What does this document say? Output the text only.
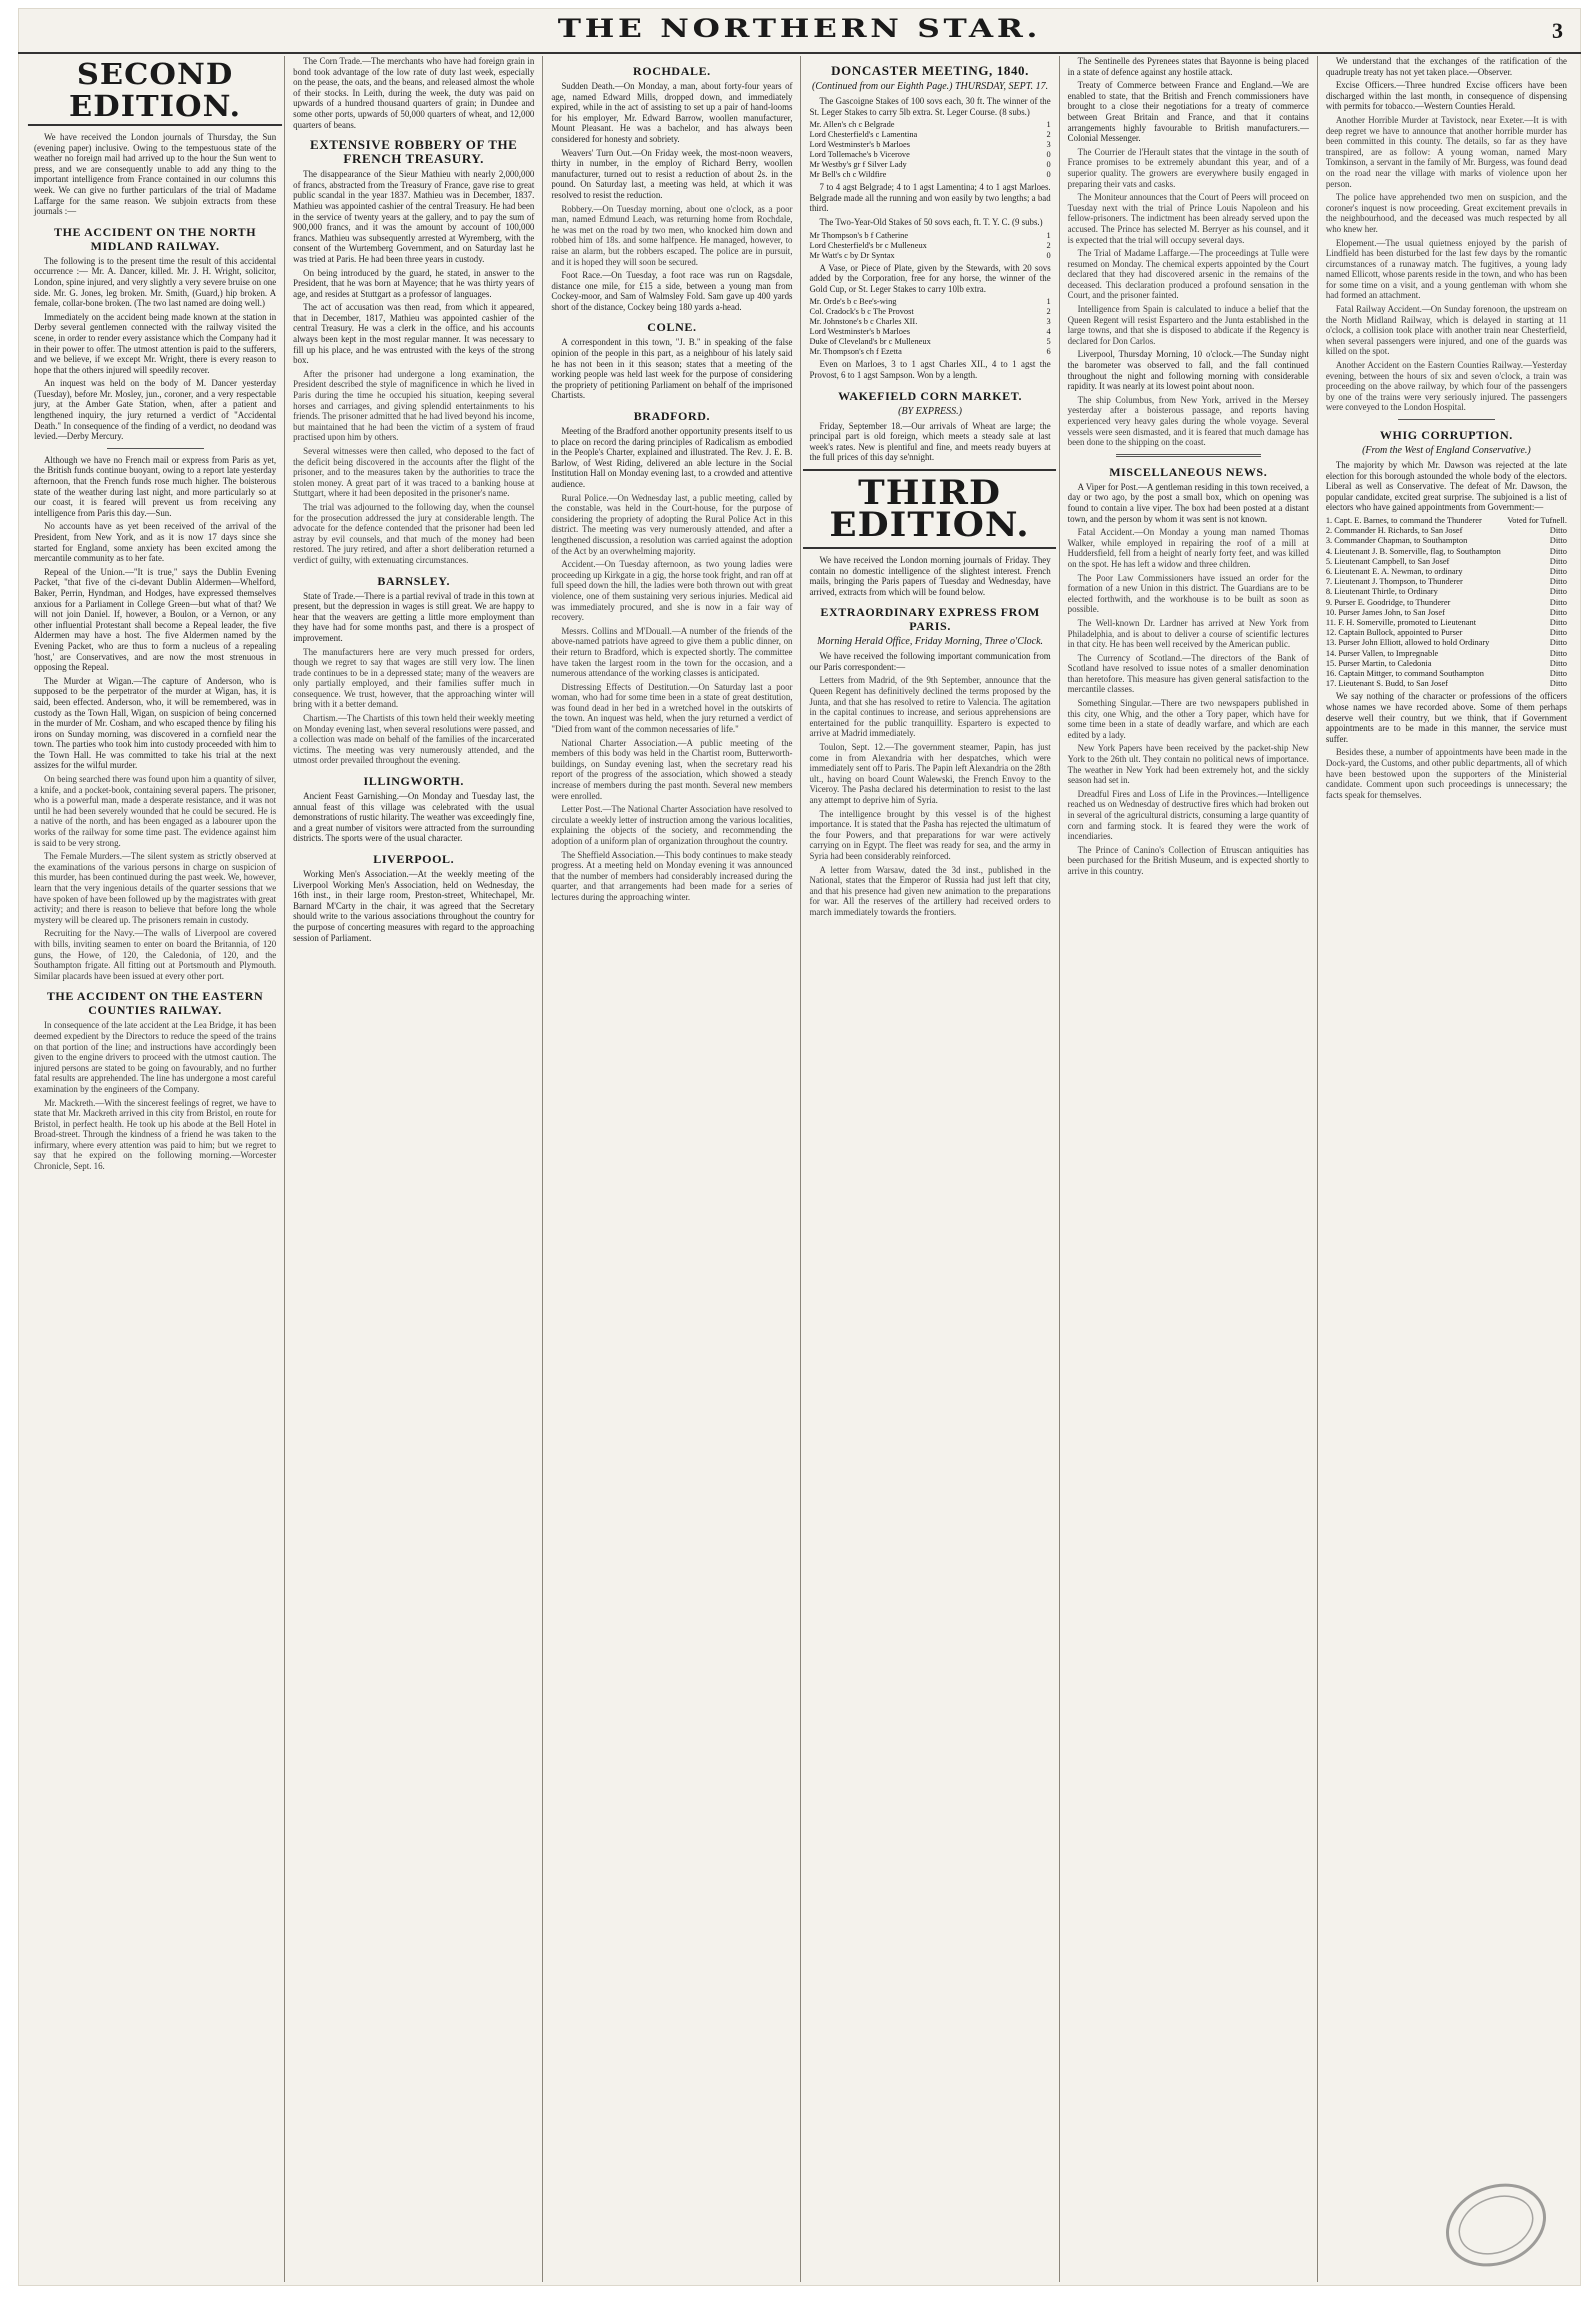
THE NORTHERN STAR.	3
SECOND EDITION.

We have received the London journals of Thursday, the Sun (evening paper) inclusive. Owing to the tempestuous state of the weather no foreign mail had arrived up to the hour the Sun went to press, and we are consequently unable to add any thing to the important intelligence from France contained in our columns this week. We can give no further particulars of the trial of Madame Laffarge for the same reason. We subjoin extracts from these journals :—

THE ACCIDENT ON THE NORTH MIDLAND RAILWAY.

The following is to the present time the result of this accidental occurrence :— Mr. A. Dancer, killed. Mr. J. H. Wright, solicitor, London, spine injured, and very slightly a very severe bruise on one side. Mr. G. Jones, leg broken. Mr. Smith, (Guard,) hip broken. A female, collar-bone broken. (The two last named are doing well.)

Immediately on the accident being made known at the station in Derby several gentlemen connected with the railway visited the scene, in order to render every assistance which the Company had it in their power to offer. The utmost attention is paid to the sufferers, and we believe, if we except Mr. Wright, there is every reason to hope that the others injured will speedily recover.

An inquest was held on the body of M. Dancer yesterday (Tuesday), before Mr. Mosley, jun., coroner, and a very respectable jury, at the Amber Gate Station, when, after a patient and lengthened inquiry, the jury returned a verdict of "Accidental Death." In consequence of the finding of a verdict, no deodand was levied.—Derby Mercury.

Although we have no French mail or express from Paris as yet, the British funds continue buoyant, owing to a report late yesterday afternoon, that the French funds rose much higher. The boisterous state of the weather during last night, and more particularly so at our coast, it is feared will prevent us from receiving any intelligence from Paris this day.—Sun.

No accounts have as yet been received of the arrival of the President, from New York, and as it is now 17 days since she started for England, some anxiety has been excited among the mercantile community as to her fate.

Repeal of the Union.—"It is true," says the Dublin Evening Packet, "that five of the ci-devant Dublin Aldermen—Whelford, Baker, Perrin, Hyndman, and Hodges, have expressed themselves anxious for a Parliament in College Green—but what of that? We will not join Daniel. If, however, a Boulon, or a Vernon, or any other influential Protestant shall become a Repeal leader, the five Aldermen may have a host. The five Aldermen named by the Evening Packet, who are thus to form a nucleus of a repealing 'host,' are Conservatives, and are now the most strenuous in opposing the Repeal.

The Murder at Wigan.—The capture of Anderson, who is supposed to be the perpetrator of the murder at Wigan, has, it is said, been effected. Anderson, who, it will be remembered, was in custody as the Town Hall, Wigan, on suspicion of being concerned in the murder of Mr. Cosham, and who escaped thence by filing his irons on Sunday morning, was discovered in a cornfield near the town. The parties who took him into custody proceeded with him to the Town Hall. He was committed to take his trial at the next assizes for the wilful murder.

On being searched there was found upon him a quantity of silver, a knife, and a pocket-book, containing several papers. The prisoner, who is a powerful man, made a desperate resistance, and it was not until he had been severely wounded that he could be secured. He is a native of the north, and has been engaged as a labourer upon the works of the railway for some time past. The evidence against him is said to be very strong.

The Female Murders.—The silent system as strictly observed at the examinations of the various persons in charge on suspicion of this murder, has been continued during the past week. We, however, learn that the very ingenious details of the quarter sessions that we have spoken of have been followed up by the magistrates with great activity; and there is reason to believe that before long the whole mystery will be cleared up. The prisoners remain in custody.

Recruiting for the Navy.—The walls of Liverpool are covered with bills, inviting seamen to enter on board the Britannia, of 120 guns, the Howe, of 120, the Caledonia, of 120, and the Southampton frigate. All fitting out at Portsmouth and Plymouth. Similar placards have been issued at every other port.

THE ACCIDENT ON THE EASTERN COUNTIES RAILWAY.

In consequence of the late accident at the Lea Bridge, it has been deemed expedient by the Directors to reduce the speed of the trains on that portion of the line; and instructions have accordingly been given to the engine drivers to proceed with the utmost caution. The injured persons are stated to be going on favourably, and no further fatal results are apprehended. The line has undergone a most careful examination by the engineers of the Company.

Mr. Mackreth.—With the sincerest feelings of regret, we have to state that Mr. Mackreth arrived in this city from Bristol, en route for Bristol, in perfect health. He took up his abode at the Bell Hotel in Broad-street. Through the kindness of a friend he was taken to the infirmary, where every attention was paid to him; but we regret to say that he expired on the following morning.—Worcester Chronicle, Sept. 16.

The Corn Trade.—The merchants who have had foreign grain in bond took advantage of the low rate of duty last week, especially on the pease, the oats, and the beans, and released almost the whole of their stocks. In Leith, during the week, the duty was paid on upwards of a hundred thousand quarters of grain; in Dundee and some other ports, upwards of 50,000 quarters of wheat, and 12,000 quarters of beans.

EXTENSIVE ROBBERY OF THE FRENCH TREASURY.

The disappearance of the Sieur Mathieu with nearly 2,000,000 of francs, abstracted from the Treasury of France, gave rise to great public scandal in the year 1837. Mathieu was in December, 1837. Mathieu was appointed cashier of the central Treasury. He had been in the service of twenty years at the gallery, and to pay the sum of 900,000 francs, and it was the amount by account of 100,000 francs. Mathieu was subsequently arrested at Wyremberg, with the consent of the Wurtemberg Government, and on Saturday last he was tried at Paris. He had been three years in custody.

On being introduced by the guard, he stated, in answer to the President, that he was born at Mayence; that he was thirty years of age, and resides at Stuttgart as a professor of languages.

The act of accusation was then read, from which it appeared, that in December, 1817, Mathieu was appointed cashier of the central Treasury. He was a clerk in the office, and his accounts always been kept in the most regular manner. It was necessary to fill up his place, and he was entrusted with the keys of the strong box.

After the prisoner had undergone a long examination, the President described the style of magnificence in which he lived in Paris during the time he occupied his situation, keeping several horses and carriages, and giving splendid entertainments to his friends. The prisoner admitted that he had lived beyond his income, but maintained that he had been the victim of a system of fraud practised upon him by others.

Several witnesses were then called, who deposed to the fact of the deficit being discovered in the accounts after the flight of the prisoner, and to the measures taken by the authorities to trace the stolen money. A great part of it was traced to a banking house at Stuttgart, where it had been deposited in the prisoner's name.

The trial was adjourned to the following day, when the counsel for the prosecution addressed the jury at considerable length. The advocate for the defence contended that the prisoner had been led astray by evil counsels, and that much of the money had been restored. The jury retired, and after a short deliberation returned a verdict of guilty, with extenuating circumstances.

BARNSLEY.

State of Trade.—There is a partial revival of trade in this town at present, but the depression in wages is still great. We are happy to hear that the weavers are getting a little more employment than they have had for some months past, and there is a prospect of improvement.

The manufacturers here are very much pressed for orders, though we regret to say that wages are still very low. The linen trade continues to be in a depressed state; many of the weavers are only partially employed, and their families suffer much in consequence. We trust, however, that the approaching winter will bring with it a better demand.

Chartism.—The Chartists of this town held their weekly meeting on Monday evening last, when several resolutions were passed, and a collection was made on behalf of the families of the incarcerated victims. The meeting was very numerously attended, and the utmost order prevailed throughout the evening.

ILLINGWORTH.

Ancient Feast Garnishing.—On Monday and Tuesday last, the annual feast of this village was celebrated with the usual demonstrations of rustic hilarity. The weather was exceedingly fine, and a great number of visitors were attracted from the surrounding districts. The sports were of the usual character.

LIVERPOOL.

Working Men's Association.—At the weekly meeting of the Liverpool Working Men's Association, held on Wednesday, the 16th inst., in their large room, Preston-street, Whitechapel, Mr. Barnard M'Carty in the chair, it was agreed that the Secretary should write to the various associations throughout the country for the purpose of concerting measures with regard to the approaching session of Parliament.

ROCHDALE.

Sudden Death.—On Monday, a man, about forty-four years of age, named Edward Mills, dropped down, and immediately expired, while in the act of assisting to set up a pair of hand-looms for his employer, Mr. Edward Barrow, woollen manufacturer, Mount Pleasant. He was a bachelor, and has always been considered for honesty and sobriety.

Weavers' Turn Out.—On Friday week, the most-noon weavers, thirty in number, in the employ of Richard Berry, woollen manufacturer, turned out to resist a reduction of about 2s. in the pound. On Saturday last, a meeting was held, at which it was resolved to resist the reduction.

Robbery.—On Tuesday morning, about one o'clock, as a poor man, named Edmund Leach, was returning home from Rochdale, he was met on the road by two men, who knocked him down and robbed him of 18s. and some halfpence. He managed, however, to raise an alarm, but the robbers escaped. The police are in pursuit, and it is hoped they will soon be secured.

Foot Race.—On Tuesday, a foot race was run on Ragsdale, distance one mile, for £15 a side, between a young man from Cockey-moor, and Sam of Walmsley Fold. Sam gave up 400 yards short of the distance, Cockey being 180 yards a-head.

COLNE.

A correspondent in this town, "J. B." in speaking of the false opinion of the people in this part, as a neighbour of his lately said he has not been in it this season; states that a meeting of the working people was held last week for the purpose of considering the propriety of petitioning Parliament on behalf of the imprisoned Chartists.

BRADFORD.

Meeting of the Bradford another opportunity presents itself to us to place on record the daring principles of Radicalism as embodied in the People's Charter, explained and illustrated. The Rev. J. E. B. Barlow, of West Riding, delivered an able lecture in the Social Institution Hall on Monday evening last, to a crowded and attentive audience.

Rural Police.—On Wednesday last, a public meeting, called by the constable, was held in the Court-house, for the purpose of considering the propriety of adopting the Rural Police Act in this district. The meeting was very numerously attended, and after a lengthened discussion, a resolution was carried against the adoption of the Act by an overwhelming majority.

Accident.—On Tuesday afternoon, as two young ladies were proceeding up Kirkgate in a gig, the horse took fright, and ran off at full speed down the hill, the ladies were both thrown out with great violence, one of them sustaining very serious injuries. Medical aid was immediately procured, and she is now in a fair way of recovery.

Messrs. Collins and M'Douall.—A number of the friends of the above-named patriots have agreed to give them a public dinner, on their return to Bradford, which is expected shortly. The committee have taken the largest room in the town for the occasion, and a numerous attendance of the working classes is anticipated.

Distressing Effects of Destitution.—On Saturday last a poor woman, who had for some time been in a state of great destitution, was found dead in her bed in a wretched hovel in the outskirts of the town. An inquest was held, when the jury returned a verdict of "Died from want of the common necessaries of life."

National Charter Association.—A public meeting of the members of this body was held in the Chartist room, Butterworth-buildings, on Sunday evening last, when the secretary read his report of the progress of the association, which showed a steady increase of members during the past month. Several new members were enrolled.

Letter Post.—The National Charter Association have resolved to circulate a weekly letter of instruction among the various localities, explaining the objects of the society, and recommending the adoption of a uniform plan of organization throughout the country.

The Sheffield Association.—This body continues to make steady progress. At a meeting held on Monday evening it was announced that the number of members had considerably increased during the quarter, and that arrangements had been made for a series of lectures during the approaching winter.

DONCASTER MEETING, 1840.
(Continued from our Eighth Page.) THURSDAY, SEPT. 17.

The Gascoigne Stakes of 100 sovs each, 30 ft. The winner of the St. Leger Stakes to carry 5lb extra. St. Leger Course. (8 subs.)

Mr. Allen's ch c Belgrade	1
Lord Chesterfield's c Lamentina	2
Lord Westminster's b Marloes	3
Lord Tollemache's b Vicerove	0
Mr Westby's gr f Silver Lady	0
Mr Bell's ch c Wildfire	0

7 to 4 agst Belgrade; 4 to 1 agst Lamentina; 4 to 1 agst Marloes. Belgrade made all the running and won easily by two lengths; a bad third.

The Two-Year-Old Stakes of 50 sovs each, ft. T. Y. C. (9 subs.)

Mr Thompson's b f Catherine	1
Lord Chesterfield's br c Mulleneux	2
Mr Watt's c by Dr Syntax	0

A Vase, or Piece of Plate, given by the Stewards, with 20 sovs added by the Corporation, free for any horse, the winner of the Gold Cup, or St. Leger Stakes to carry 10lb extra.

Mr. Orde's b c Bee's-wing	1
Col. Cradock's b c The Provost	2
Mr. Johnstone's b c Charles XII.	3
Lord Westminster's b Marloes	4
Duke of Cleveland's br c Mulleneux	5
Mr. Thompson's ch f Ezetta	6

Even on Marloes, 3 to 1 agst Charles XII., 4 to 1 agst the Provost, 6 to 1 agst Sampson. Won by a length.

WAKEFIELD CORN MARKET.
(BY EXPRESS.)

Friday, September 18.—Our arrivals of Wheat are large; the principal part is old foreign, which meets a steady sale at last week's rates. New is plentiful and fine, and meets ready buyers at the full prices of this day se'nnight.

THIRD EDITION.

We have received the London morning journals of Friday. They contain no domestic intelligence of the slightest interest. French mails, bringing the Paris papers of Tuesday and Wednesday, have arrived, extracts from which will be found below.

EXTRAORDINARY EXPRESS FROM PARIS.
Morning Herald Office, Friday Morning, Three o'Clock.

We have received the following important communication from our Paris correspondent:—

Letters from Madrid, of the 9th September, announce that the Queen Regent has definitively declined the terms proposed by the Junta, and that she has resolved to retire to Valencia. The agitation in the capital continues to increase, and serious apprehensions are entertained for the public tranquillity. Espartero is expected to arrive at Madrid immediately.

Toulon, Sept. 12.—The government steamer, Papin, has just come in from Alexandria with her despatches, which were immediately sent off to Paris. The Papin left Alexandria on the 28th ult., having on board Count Walewski, the French Envoy to the Viceroy. The Pasha declared his determination to resist to the last any attempt to deprive him of Syria.

The intelligence brought by this vessel is of the highest importance. It is stated that the Pasha has rejected the ultimatum of the four Powers, and that preparations for war were actively carrying on in Egypt. The fleet was ready for sea, and the army in Syria had been considerably reinforced.

A letter from Warsaw, dated the 3d inst., published in the National, states that the Emperor of Russia had just left that city, and that his presence had given new animation to the preparations for war. All the reserves of the artillery had received orders to march immediately towards the frontiers.

The Sentinelle des Pyrenees states that Bayonne is being placed in a state of defence against any hostile attack.

Treaty of Commerce between France and England.—We are enabled to state, that the British and French commissioners have brought to a close their negotiations for a treaty of commerce between Great Britain and France, and that it contains arrangements highly favourable to British manufacturers.—Colonial Messenger.

The Courrier de l'Herault states that the vintage in the south of France promises to be extremely abundant this year, and of a superior quality. The growers are everywhere busily engaged in preparing their vats and casks.

The Moniteur announces that the Court of Peers will proceed on Tuesday next with the trial of Prince Louis Napoleon and his fellow-prisoners. The indictment has been already served upon the accused. The Prince has selected M. Berryer as his counsel, and it is expected that the trial will occupy several days.

The Trial of Madame Laffarge.—The proceedings at Tulle were resumed on Monday. The chemical experts appointed by the Court declared that they had discovered arsenic in the remains of the deceased. This declaration produced a profound sensation in the Court, and the prisoner fainted.

Intelligence from Spain is calculated to induce a belief that the Queen Regent will resist Espartero and the Junta established in the large towns, and that she is disposed to abdicate if the Regency is declared for Don Carlos.

Liverpool, Thursday Morning, 10 o'clock.—The Sunday night the barometer was observed to fall, and the fall continued throughout the night and following morning with considerable rapidity. It was nearly at its lowest point about noon.

The ship Columbus, from New York, arrived in the Mersey yesterday after a boisterous passage, and reports having experienced very heavy gales during the whole voyage. Several vessels were seen dismasted, and it is feared that much damage has been done to the shipping on the coast.

MISCELLANEOUS NEWS.

A Viper for Post.—A gentleman residing in this town received, a day or two ago, by the post a small box, which on opening was found to contain a live viper. The box had been posted at a distant town, and the person by whom it was sent is not known.

Fatal Accident.—On Monday a young man named Thomas Walker, while employed in repairing the roof of a mill at Huddersfield, fell from a height of nearly forty feet, and was killed on the spot. He has left a widow and three children.

The Poor Law Commissioners have issued an order for the formation of a new Union in this district. The Guardians are to be elected forthwith, and the workhouse is to be built as soon as possible.

The Well-known Dr. Lardner has arrived at New York from Philadelphia, and is about to deliver a course of scientific lectures in that city. He has been well received by the American public.

The Currency of Scotland.—The directors of the Bank of Scotland have resolved to issue notes of a smaller denomination than heretofore. This measure has given general satisfaction to the mercantile classes.

Something Singular.—There are two newspapers published in this city, one Whig, and the other a Tory paper, which have for some time been in a state of deadly warfare, and which are each edited by a lady.

New York Papers have been received by the packet-ship New York to the 26th ult. They contain no political news of importance. The weather in New York had been extremely hot, and the sickly season had set in.

Dreadful Fires and Loss of Life in the Provinces.—Intelligence reached us on Wednesday of destructive fires which had broken out in several of the agricultural districts, consuming a large quantity of corn and farming stock. It is feared they were the work of incendiaries.

The Prince of Canino's Collection of Etruscan antiquities has been purchased for the British Museum, and is expected shortly to arrive in this country.

We understand that the exchanges of the ratification of the quadruple treaty has not yet taken place.—Observer.

Excise Officers.—Three hundred Excise officers have been discharged within the last month, in consequence of dispensing with permits for tobacco.—Western Counties Herald.

Another Horrible Murder at Tavistock, near Exeter.—It is with deep regret we have to announce that another horrible murder has been committed in this county. The details, so far as they have transpired, are as follow: A young woman, named Mary Tomkinson, a servant in the family of Mr. Burgess, was found dead on the road near the village with marks of violence upon her person.

The police have apprehended two men on suspicion, and the coroner's inquest is now proceeding. Great excitement prevails in the neighbourhood, and the deceased was much respected by all who knew her.

Elopement.—The usual quietness enjoyed by the parish of Lindfield has been disturbed for the last few days by the romantic circumstances of a runaway match. The fugitives, a young lady named Ellicott, whose parents reside in the town, and who has been for some time on a visit, and a young gentleman with whom she had formed an attachment.

Fatal Railway Accident.—On Sunday forenoon, the upstream on the North Midland Railway, which is delayed in starting at 11 o'clock, a collision took place with another train near Chesterfield, when several passengers were injured, and one of the guards was killed on the spot.

Another Accident on the Eastern Counties Railway.—Yesterday evening, between the hours of six and seven o'clock, a train was proceeding on the above railway, by which four of the passengers by one of the trains were very seriously injured. The passengers were conveyed to the London Hospital.

WHIG CORRUPTION.
(From the West of England Conservative.)

The majority by which Mr. Dawson was rejected at the late election for this borough astounded the whole body of the electors. Liberal as well as Conservative. The defeat of Mr. Dawson, the popular candidate, excited great surprise. The subjoined is a list of electors who have gained appointments from Government:—

1. Capt. E. Barnes, to command the Thunderer	Voted for Tufnell.
2. Commander H. Richards, to San Josef	Ditto
3. Commander Chapman, to Southampton	Ditto
4. Lieutenant J. B. Somerville, flag, to Southampton	Ditto
5. Lieutenant Campbell, to San Josef	Ditto
6. Lieutenant E. A. Newman, to ordinary	Ditto
7. Lieutenant J. Thompson, to Thunderer	Ditto
8. Lieutenant Thirtle, to Ordinary	Ditto
9. Purser E. Goodridge, to Thunderer	Ditto
10. Purser James John, to San Josef	Ditto
11. F. H. Somerville, promoted to Lieutenant	Ditto
12. Captain Bullock, appointed to Purser	Ditto
13. Purser John Elliott, allowed to hold Ordinary	Ditto
14. Purser Vallen, to Impregnable	Ditto
15. Purser Martin, to Caledonia	Ditto
16. Captain Mittger, to command Southampton	Ditto
17. Lieutenant S. Budd, to San Josef	Ditto

We say nothing of the character or professions of the officers whose names we have recorded above. Some of them perhaps deserve well their country, but we think, that if Government appointments are to be made in this manner, the service must suffer.

Besides these, a number of appointments have been made in the Dock-yard, the Customs, and other public departments, all of which have been bestowed upon the supporters of the Ministerial candidate. Comment upon such proceedings is unnecessary; the facts speak for themselves.
